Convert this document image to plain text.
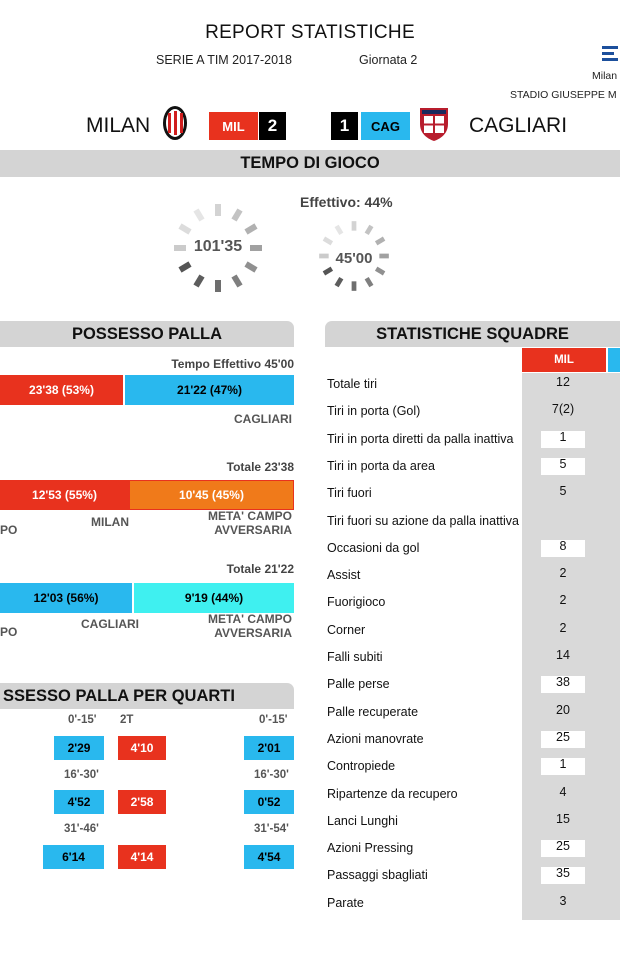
REPORT STATISTICHE
SERIE A TIM 2017-2018	Giornata 2
Milan
STADIO GIUSEPPE M
MILAN	MIL	2	1	CAG	CAGLIARI
TEMPO DI GIOCO
Effettivo: 44%
101'35
45'00
POSSESSO PALLA
Tempo Effettivo 45'00
23'38 (53%)	21'22 (47%)
CAGLIARI
Totale 23'38
12'53 (55%)	10'45 (45%)
PO
MILAN	META' CAMPO
AVVERSARIA
Totale 21'22
12'03 (56%)	9'19 (44%)
PO
CAGLIARI	META' CAMPO
AVVERSARIA
SSESSO PALLA PER QUARTI
2T
0'-15'	0'-15'
2'29	4'10	2'01
16'-30'	16'-30'
4'52	2'58	0'52
31'-46'	31'-54'
6'14	4'14	4'54
STATISTICHE SQUADRE
MIL
Totale tiri	12
Tiri in porta (Gol)	7(2)
Tiri in porta diretti da palla inattiva	1
Tiri in porta da area	5
Tiri fuori	5
Tiri fuori su azione da palla inattiva
Occasioni da gol	8
Assist	2
Fuorigioco	2
Corner	2
Falli subiti	14
Palle perse	38
Palle recuperate	20
Azioni manovrate	25
Contropiede	1
Ripartenze da recupero	4
Lanci Lunghi	15
Azioni Pressing	25
Passaggi sbagliati	35
Parate	3
